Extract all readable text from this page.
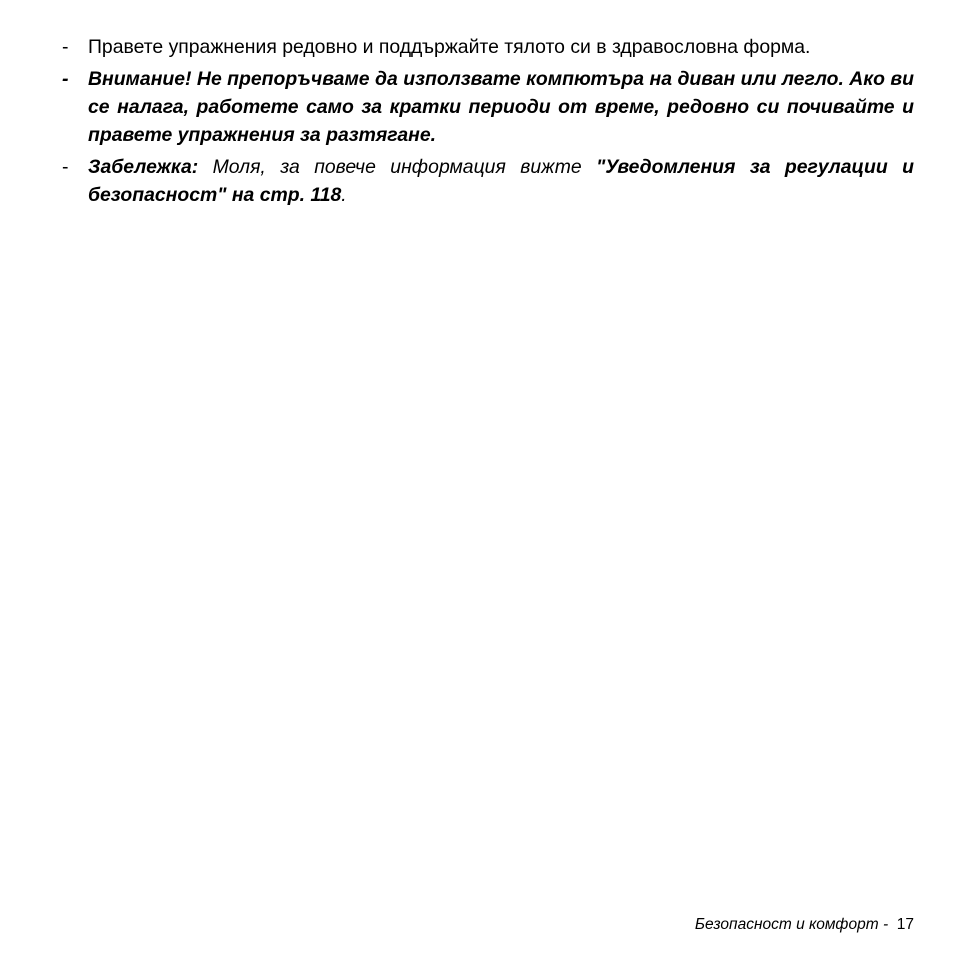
-	Правете упражнения редовно и поддържайте тялото си в здравословна форма.
-	Внимание! Не препоръчваме да използвате компютъра на диван или легло. Ако ви се налага, работете само за кратки периоди от време, редовно си почивайте и правете упражнения за разтягане.
-	Забележка: Моля, за повече информация вижте "Уведомления за регулации и безопасност" на стр. 118.
Безопасност и комфорт -  17
